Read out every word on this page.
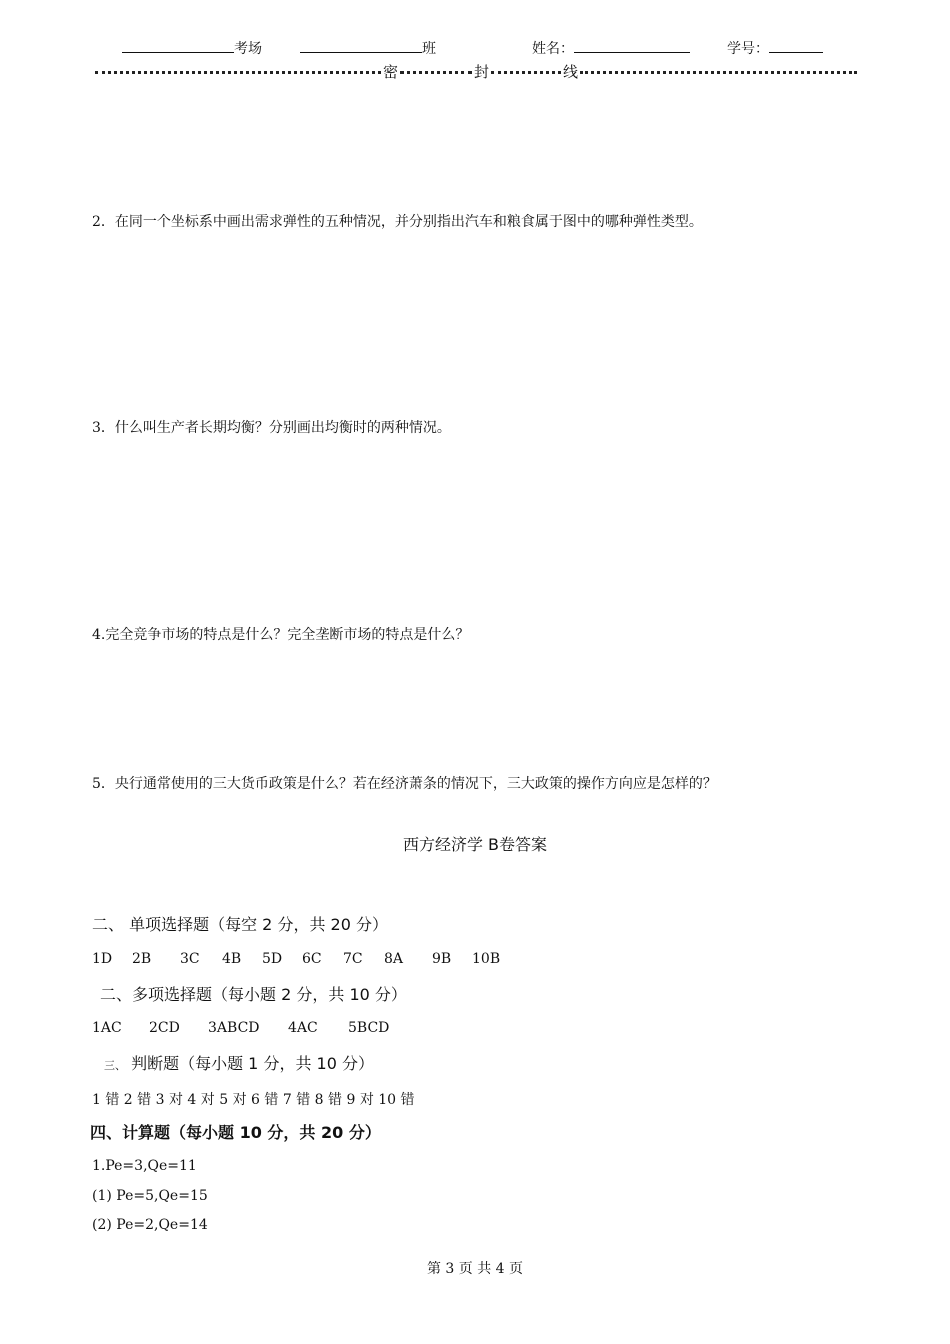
考场	班	姓名：	学号：
密	封	线
2．在同一个坐标系中画出需求弹性的五种情况，并分别指出汽车和粮食属于图中的哪种弹性类型。
3．什么叫生产者长期均衡？分别画出均衡时的两种情况。
4.完全竞争市场的特点是什么？完全垄断市场的特点是什么？
5．央行通常使用的三大货币政策是什么？若在经济萧条的情况下，三大政策的操作方向应是怎样的？
西方经济学 B卷答案
二、 单项选择题（每空 2 分，共 20 分）
1D 2B 3C 4B 5D 6C 7C 8A 9B 10B
二、多项选择题（每小题 2 分，共 10 分）
1AC 2CD 3ABCD 4AC 5BCD
三、 判断题（每小题 1 分，共 10 分）
1 错 2 错 3 对 4 对 5 对 6 错 7 错 8 错 9 对 10 错
四、计算题（每小题 10 分，共 20 分）
1.Pe=3,Qe=11
(1) Pe=5,Qe=15
(2) Pe=2,Qe=14
第 3 页 共 4 页
